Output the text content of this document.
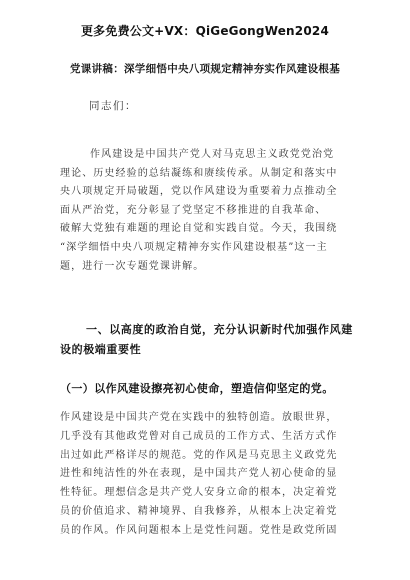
更多免费公文+VX：QiGeGongWen2024
党课讲稿：深学细悟中央八项规定精神夯实作风建设根基
同志们：
作风建设是中国共产党人对马克思主义政党党治党
理论、历史经验的总结凝练和赓续传承。从制定和落实中
央八项规定开局破题，党以作风建设为重要着力点推动全
面从严治党，充分彰显了党坚定不移推进的自我革命、
破解大党独有难题的理论自觉和实践自觉。今天，我围绕
“深学细悟中央八项规定精神夯实作风建设根基”这一主
题，进行一次专题党课讲解。
一、以高度的政治自觉，充分认识新时代加强作风建
设的极端重要性
（一）以作风建设擦亮初心使命，塑造信仰坚定的党。
作风建设是中国共产党在实践中的独特创造。放眼世界，
几乎没有其他政党曾对自己成员的工作方式、生活方式作
出过如此严格详尽的规范。党的作风是马克思主义政党先
进性和纯洁性的外在表现，是中国共产党人初心使命的显
性特征。理想信念是共产党人安身立命的根本，决定着党
员的价值追求、精神境界、自我修养，从根本上决定着党
员的作风。作风问题根本上是党性问题。党性是政党所固
